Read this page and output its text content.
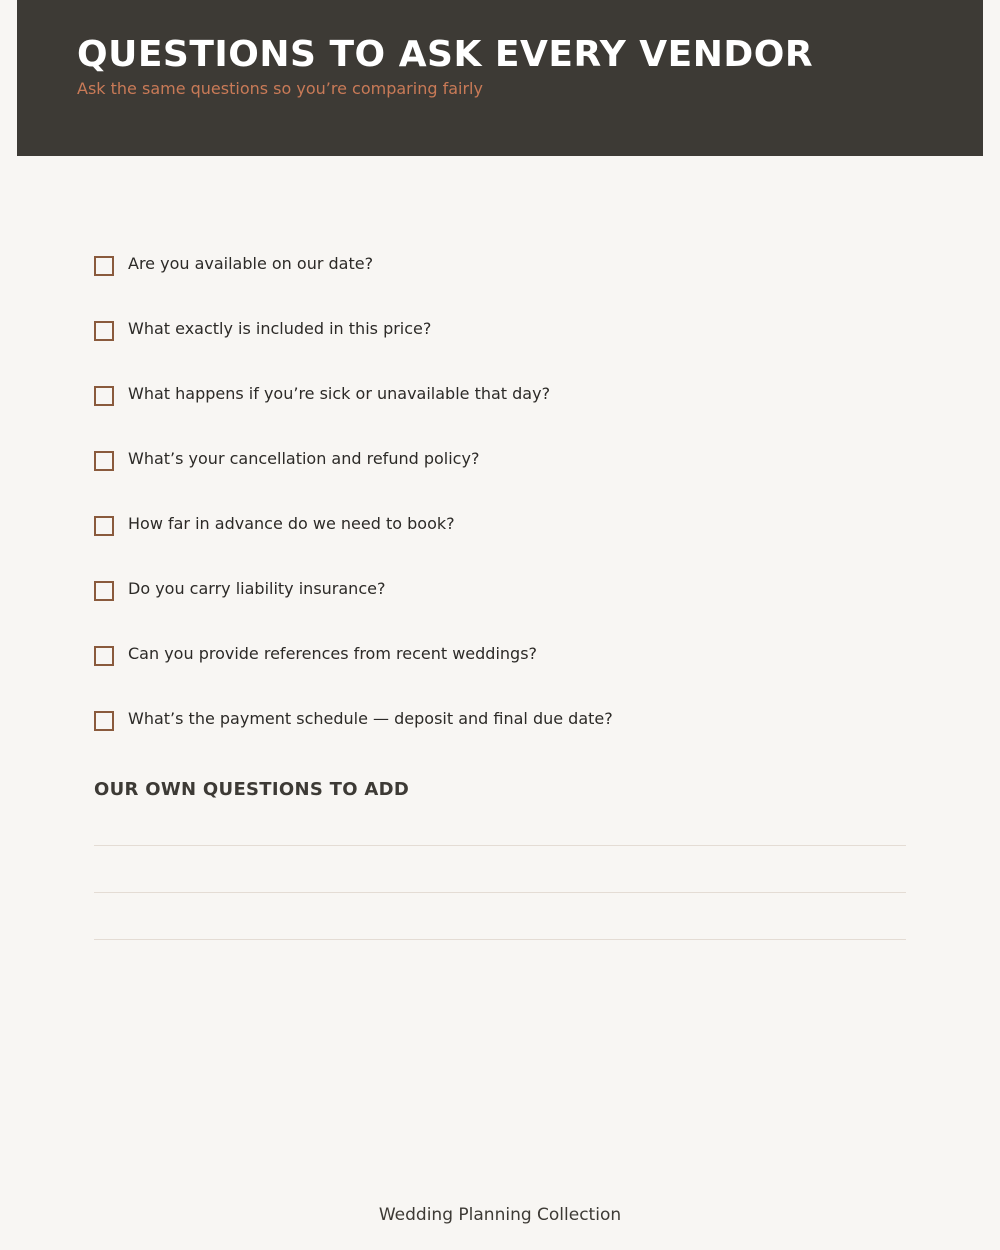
QUESTIONS TO ASK EVERY VENDOR
Ask the same questions so you’re comparing fairly
Are you available on our date?
What exactly is included in this price?
What happens if you’re sick or unavailable that day?
What’s your cancellation and refund policy?
How far in advance do we need to book?
Do you carry liability insurance?
Can you provide references from recent weddings?
What’s the payment schedule — deposit and final due date?
OUR OWN QUESTIONS TO ADD
Wedding Planning Collection
